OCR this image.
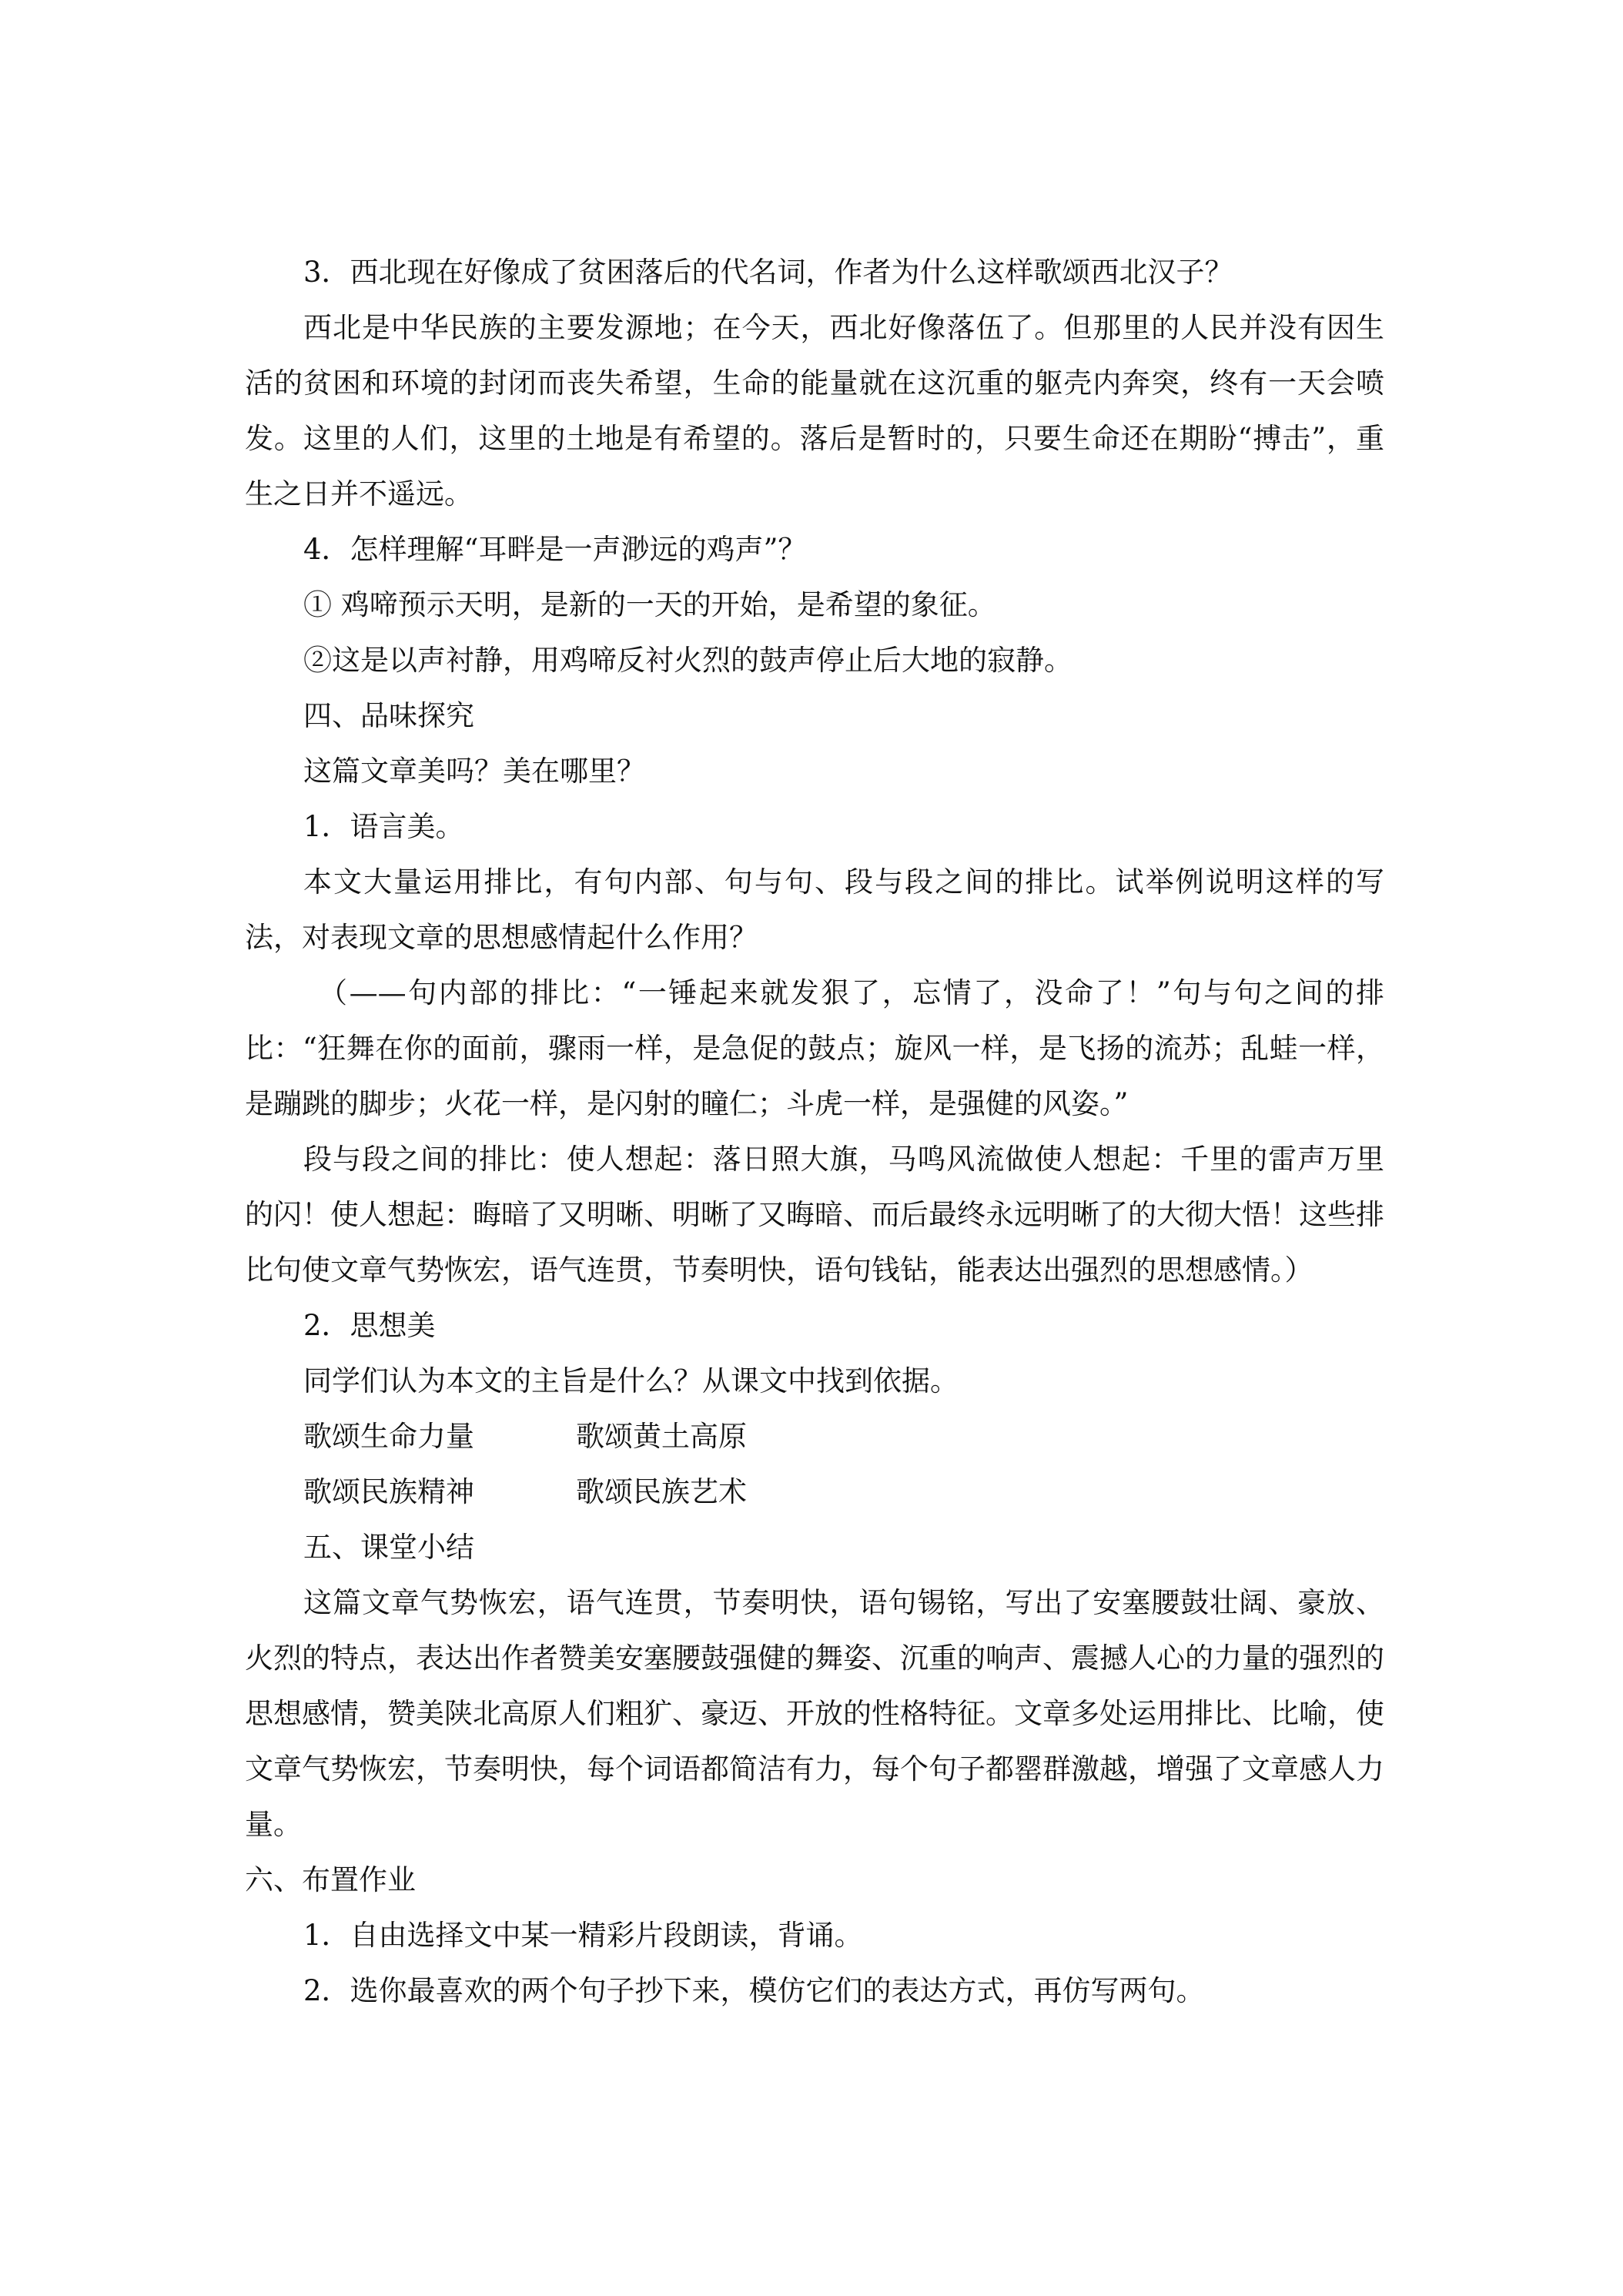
3．西北现在好像成了贫困落后的代名词，作者为什么这样歌颂西北汉子？

西北是中华民族的主要发源地；在今天，西北好像落伍了。但那里的人民并没有因生活的贫困和环境的封闭而丧失希望，生命的能量就在这沉重的躯壳内奔突，终有一天会喷发。这里的人们，这里的土地是有希望的。落后是暂时的，只要生命还在期盼“搏击”，重生之日并不遥远。

4．怎样理解“耳畔是一声渺远的鸡声”？

① 鸡啼预示天明，是新的一天的开始，是希望的象征。

②这是以声衬静，用鸡啼反衬火烈的鼓声停止后大地的寂静。

四、品味探究

这篇文章美吗？美在哪里？

1．语言美。

本文大量运用排比，有句内部、句与句、段与段之间的排比。试举例说明这样的写法，对表现文章的思想感情起什么作用？

（——句内部的排比：“一锤起来就发狠了，忘情了，没命了！”句与句之间的排比：“狂舞在你的面前，骤雨一样，是急促的鼓点；旋风一样，是飞扬的流苏；乱蛙一样，是蹦跳的脚步；火花一样，是闪射的瞳仁；斗虎一样，是强健的风姿。”

段与段之间的排比：使人想起：落日照大旗，马鸣风流做使人想起：千里的雷声万里的闪！使人想起：晦暗了又明晰、明晰了又晦暗、而后最终永远明晰了的大彻大悟！这些排比句使文章气势恢宏，语气连贯，节奏明快，语句钱钻，能表达出强烈的思想感情。）

2．思想美

同学们认为本文的主旨是什么？从课文中找到依据。

歌颂生命力量	歌颂黄土高原
歌颂民族精神	歌颂民族艺术

五、课堂小结

这篇文章气势恢宏，语气连贯，节奏明快，语句锡铭，写出了安塞腰鼓壮阔、豪放、火烈的特点，表达出作者赞美安塞腰鼓强健的舞姿、沉重的响声、震撼人心的力量的强烈的思想感情，赞美陕北高原人们粗犷、豪迈、开放的性格特征。文章多处运用排比、比喻，使文章气势恢宏，节奏明快，每个词语都简洁有力，每个句子都罂群激越，增强了文章感人力量。

六、布置作业

1．自由选择文中某一精彩片段朗读，背诵。

2．选你最喜欢的两个句子抄下来，模仿它们的表达方式，再仿写两句。
